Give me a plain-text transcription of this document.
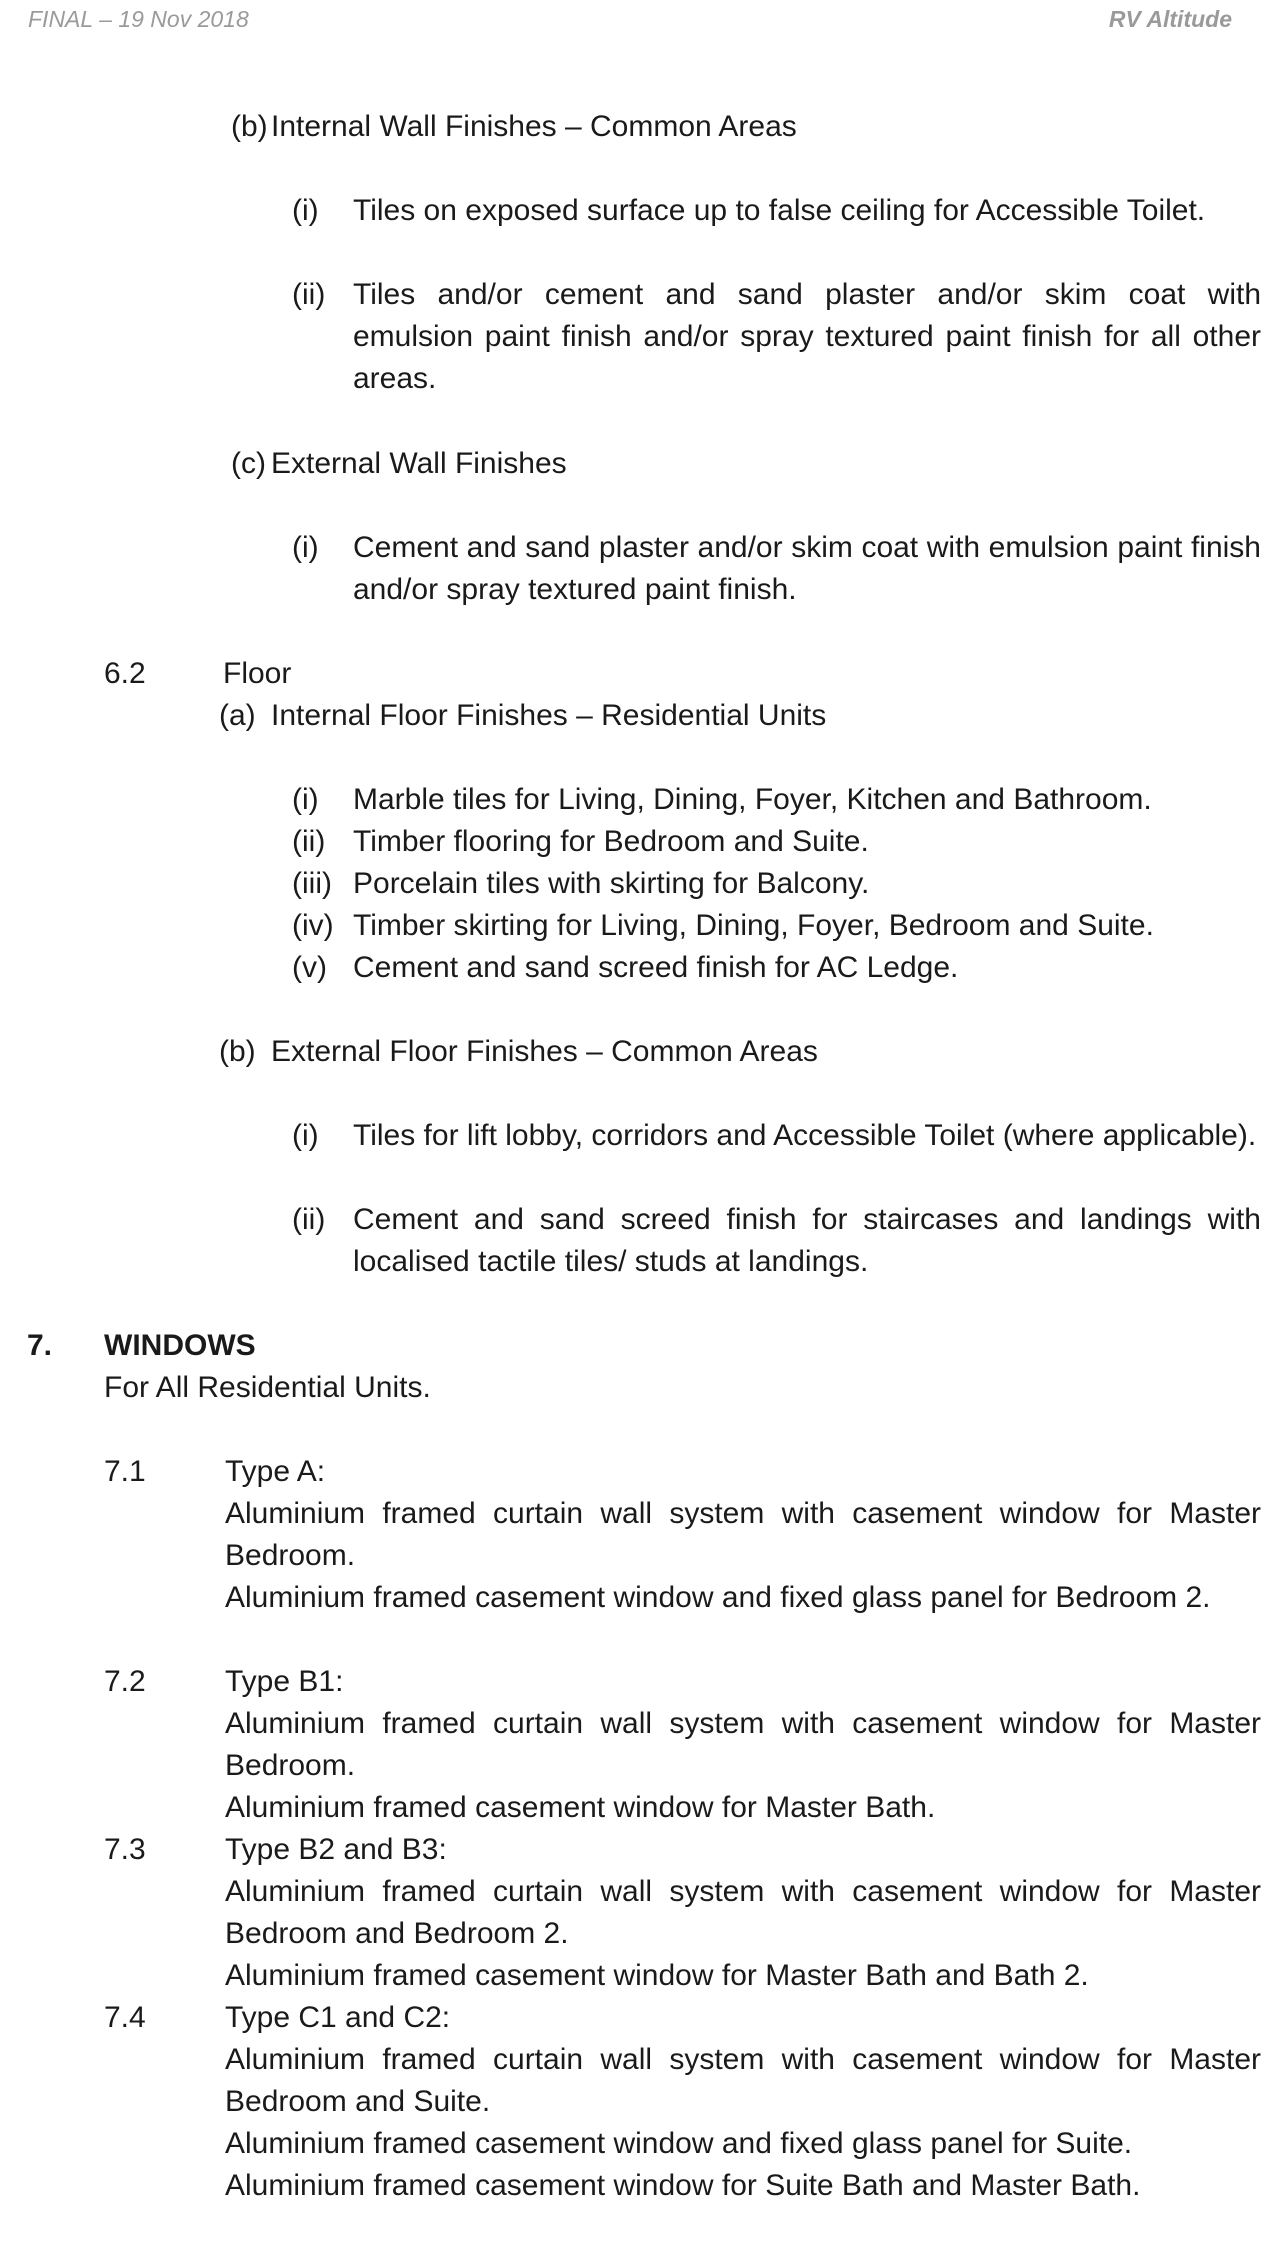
FINAL – 19 Nov 2018	RV Altitude
(b) Internal Wall Finishes – Common Areas
(i) Tiles on exposed surface up to false ceiling for Accessible Toilet.
(ii) Tiles and/or cement and sand plaster and/or skim coat with emulsion paint finish and/or spray textured paint finish for all other areas.
(c) External Wall Finishes
(i) Cement and sand plaster and/or skim coat with emulsion paint finish and/or spray textured paint finish.
6.2	Floor
(a) Internal Floor Finishes – Residential Units
(i) Marble tiles for Living, Dining, Foyer, Kitchen and Bathroom.
(ii) Timber flooring for Bedroom and Suite.
(iii) Porcelain tiles with skirting for Balcony.
(iv) Timber skirting for Living, Dining, Foyer, Bedroom and Suite.
(v) Cement and sand screed finish for AC Ledge.
(b) External Floor Finishes – Common Areas
(i) Tiles for lift lobby, corridors and Accessible Toilet (where applicable).
(ii) Cement and sand screed finish for staircases and landings with localised tactile tiles/ studs at landings.
7. WINDOWS
For All Residential Units.
7.1	Type A:
Aluminium framed curtain wall system with casement window for Master Bedroom.
Aluminium framed casement window and fixed glass panel for Bedroom 2.
7.2	Type B1:
Aluminium framed curtain wall system with casement window for Master Bedroom.
Aluminium framed casement window for Master Bath.
7.3	Type B2 and B3:
Aluminium framed curtain wall system with casement window for Master Bedroom and Bedroom 2.
Aluminium framed casement window for Master Bath and Bath 2.
7.4	Type C1 and C2:
Aluminium framed curtain wall system with casement window for Master Bedroom and Suite.
Aluminium framed casement window and fixed glass panel for Suite.
Aluminium framed casement window for Suite Bath and Master Bath.
